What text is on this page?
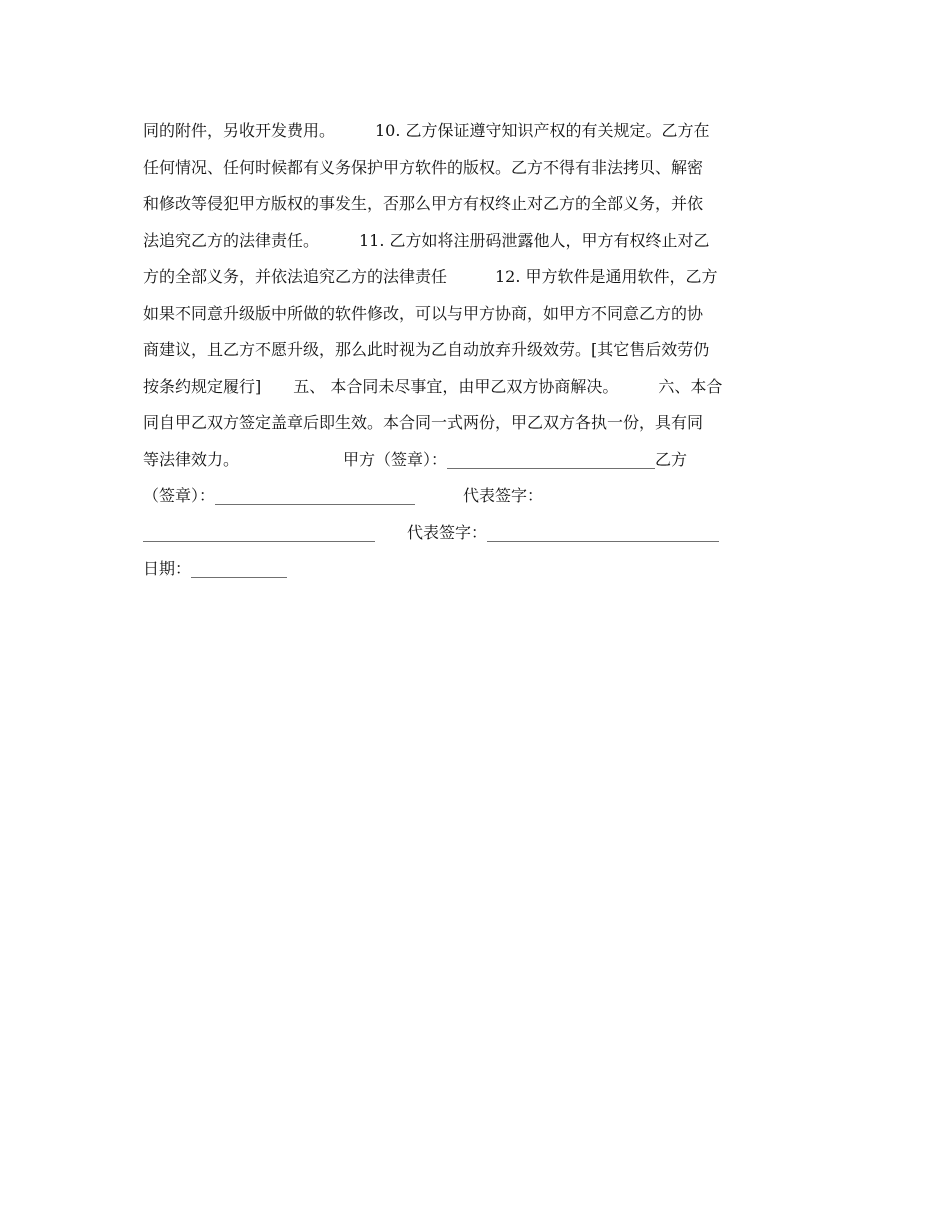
同的附件，另收开发费用。　　　10. 乙方保证遵守知识产权的有关规定。乙方在
任何情况、任何时候都有义务保护甲方软件的版权。乙方不得有非法拷贝、解密
和修改等侵犯甲方版权的事发生，否那么甲方有权终止对乙方的全部义务，并依
法追究乙方的法律责任。　　　11. 乙方如将注册码泄露他人，甲方有权终止对乙
方的全部义务，并依法追究乙方的法律责任　　　12. 甲方软件是通用软件，乙方
如果不同意升级版中所做的软件修改，可以与甲方协商，如甲方不同意乙方的协
商建议，且乙方不愿升级，那么此时视为乙自动放弃升级效劳。[其它售后效劳仍
按条约规定履行]　　五、 本合同未尽事宜，由甲乙双方协商解决。　　　六、本合
同自甲乙双方签定盖章后即生效。本合同一式两份，甲乙双方各执一份，具有同
等法律效力。　　　　　　　甲方（签章）：__________________________乙方
（签章）：_________________________　　　代表签字：
_____________________________　　代表签字：_____________________________
日期：____________
